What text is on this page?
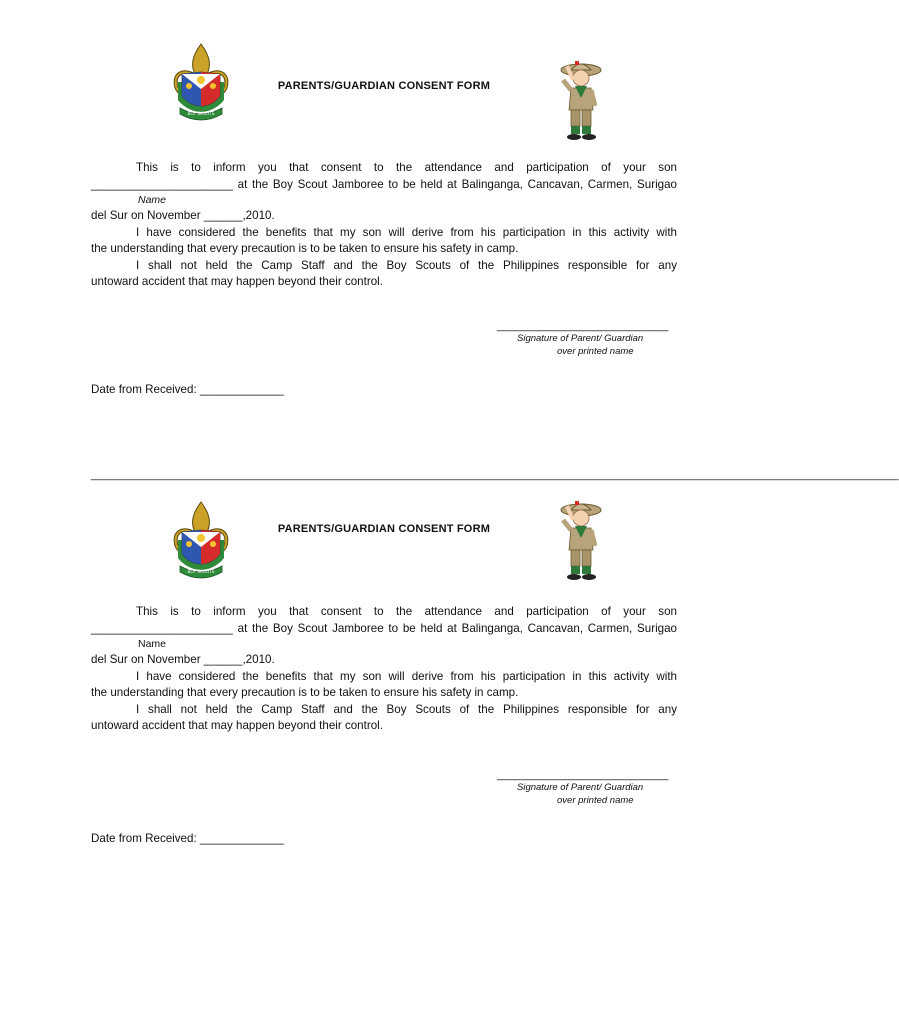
BOY SCOUTS
PARENTS/GUARDIAN CONSENT FORM
This is to inform you that consent to the attendance and participation of your son
______________________ at the Boy Scout Jamboree to be held at Balinganga, Cancavan, Carmen, Surigao
Name
del Sur on November ______,2010.
I have considered the benefits that my son will derive from his participation in this activity with
the understanding that every precaution is to be taken to ensure his safety in camp.
I shall not held the Camp Staff and the Boy Scouts of the Philippines responsible for any
untoward accident that may happen beyond their control.
____________________________
Signature of Parent/ Guardian
over printed name
Date from Received: _____________
____________________________________________________________________________________________________________________________________
BOY SCOUTS
PARENTS/GUARDIAN CONSENT FORM
This is to inform you that consent to the attendance and participation of your son
______________________ at the Boy Scout Jamboree to be held at Balinganga, Cancavan, Carmen, Surigao
Name
del Sur on November ______,2010.
I have considered the benefits that my son will derive from his participation in this activity with
the understanding that every precaution is to be taken to ensure his safety in camp.
I shall not held the Camp Staff and the Boy Scouts of the Philippines responsible for any
untoward accident that may happen beyond their control.
____________________________
Signature of Parent/ Guardian
over printed name
Date from Received: _____________
